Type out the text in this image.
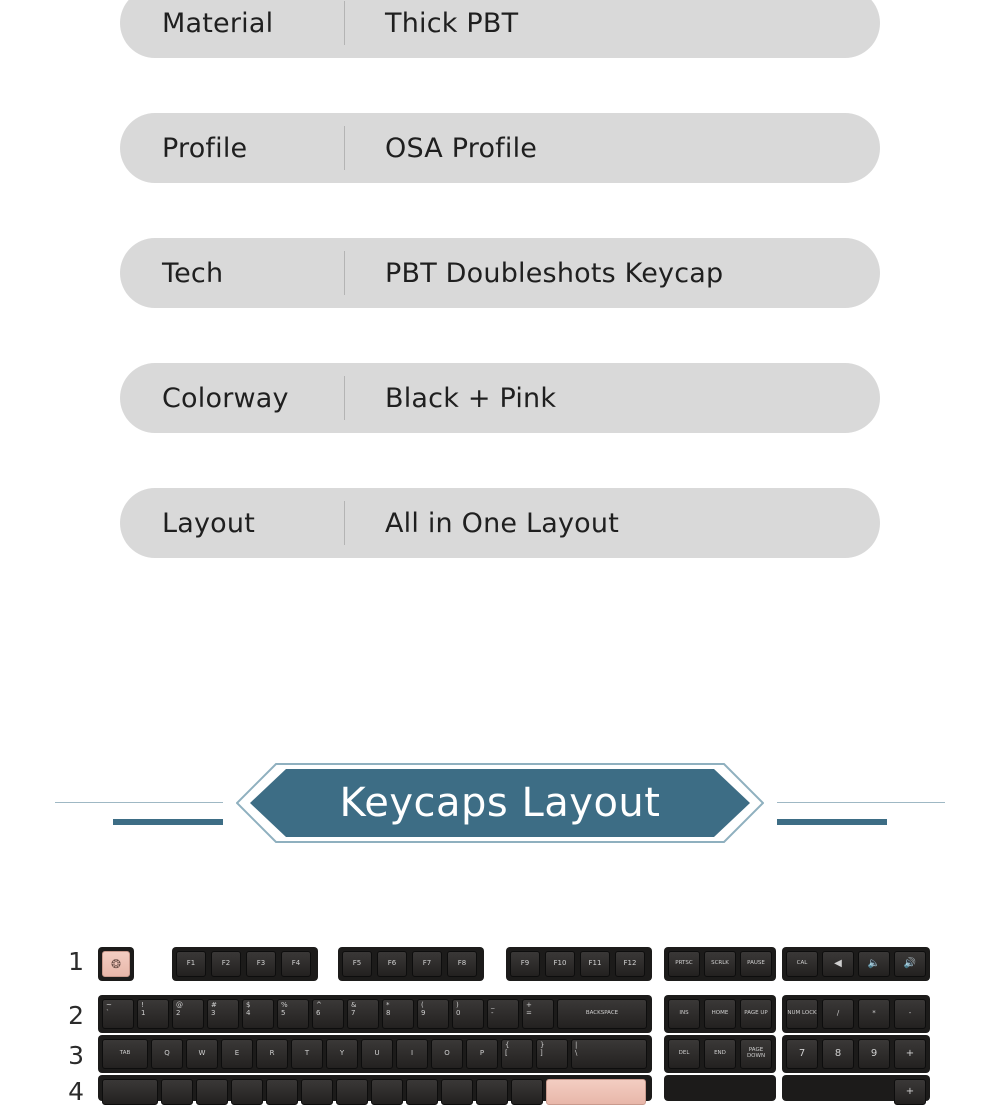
Material	Thick PBT
Profile	OSA Profile
Tech	PBT Doubleshots Keycap
Colorway	Black + Pink
Layout	All in One Layout
Keycaps Layout
1
2
3
4
❂	F1	F2	F3	F4	F5	F6	F7	F8	F9	F10	F11	F12	PRTSC	SCRLK	PAUSE	CAL	◀	🔈	🔊
~
`
!
1
@
2
#
3
$
4
%
5
^
6
&
7
*
8
(
9
)
0
_
-
+
=	BACKSPACE	INS	HOME	PAGE UP	NUM LOCK	/	*	-
TAB	Q	W	E	R	T	Y	U	I	O	P
{
[
}
]
|
\	DEL	END	PAGE DOWN	7	8	9	+
+
